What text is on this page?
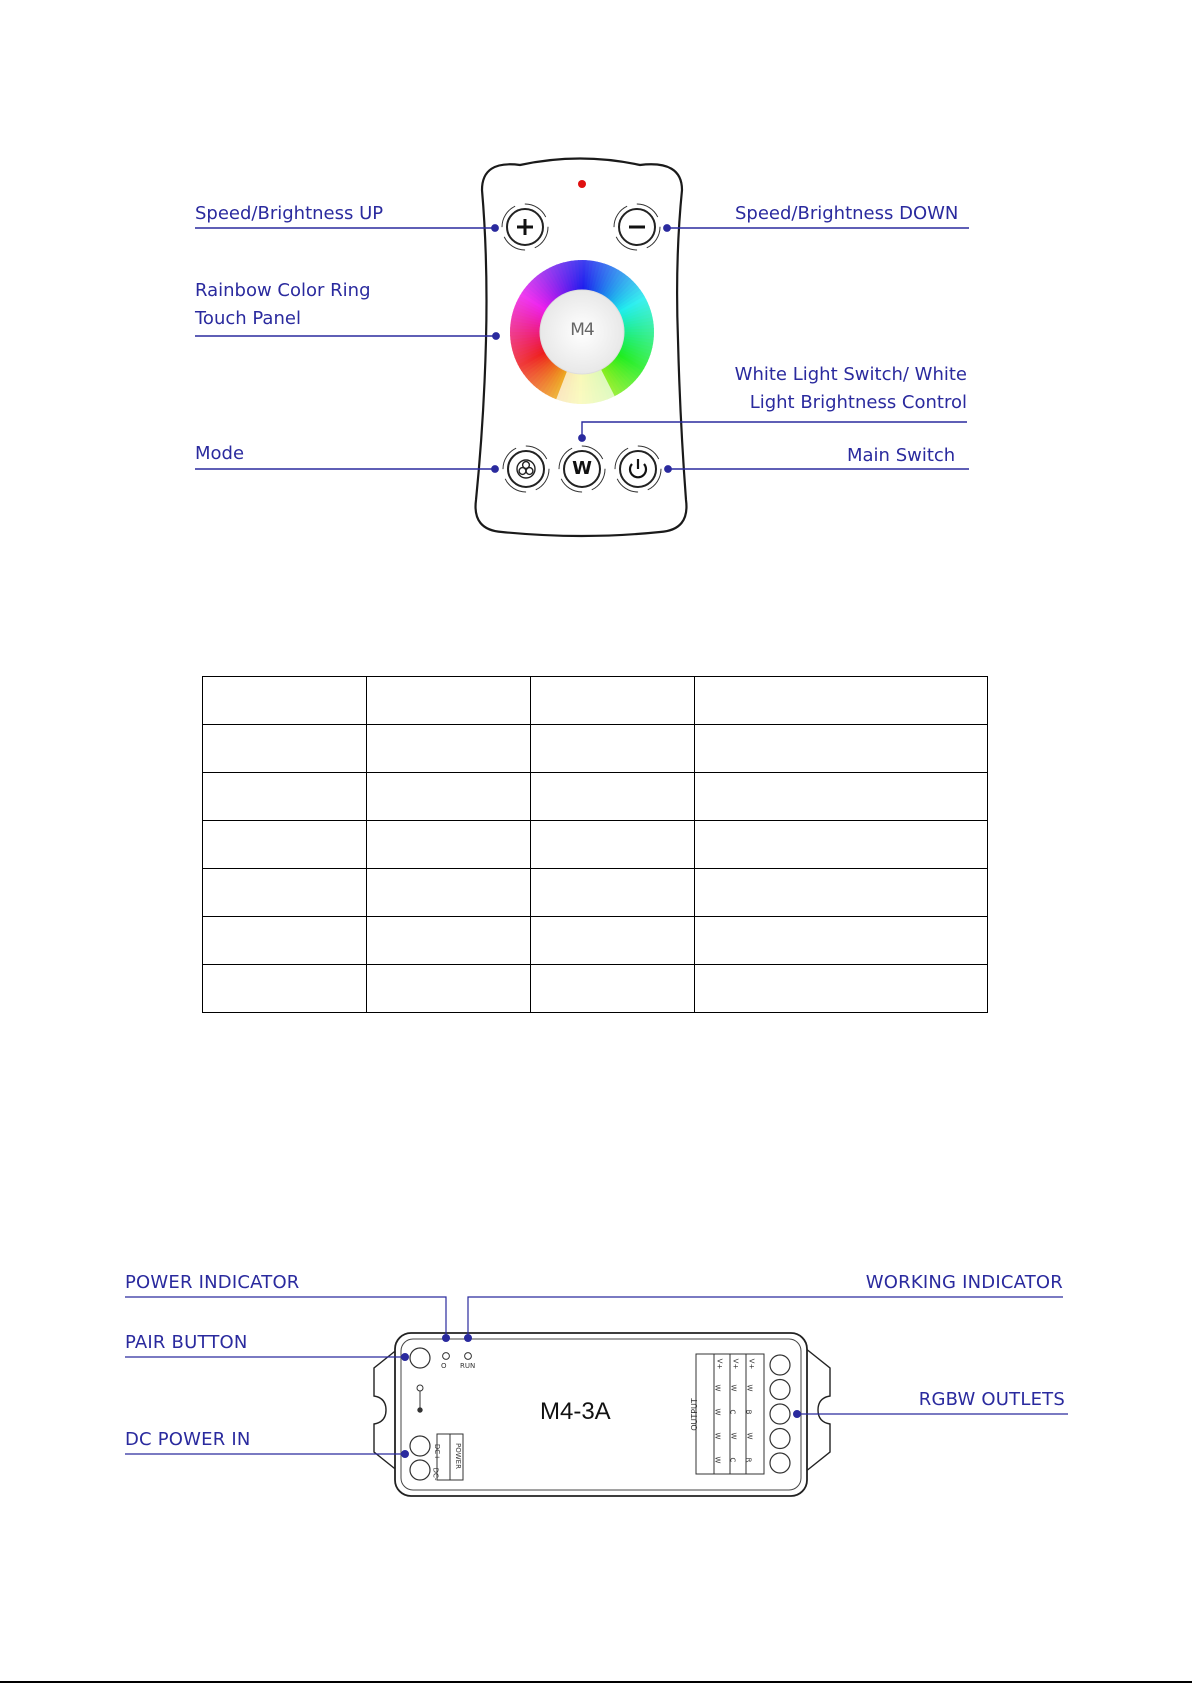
M4
W
Speed/Brightness UP	Speed/Brightness DOWN
Rainbow Color Ring
Touch Panel
White Light Switch/ White
Light Brightness Control
Mode	Main Switch

M4-3A
O RUN
OUTPUT
POWER
DC+
DC-
V+
W
W
W
W
V+
W
C
W
C
V+
W
B
W
R
POWER INDICATOR	WORKING INDICATOR
PAIR BUTTON
RGBW OUTLETS
DC POWER IN
